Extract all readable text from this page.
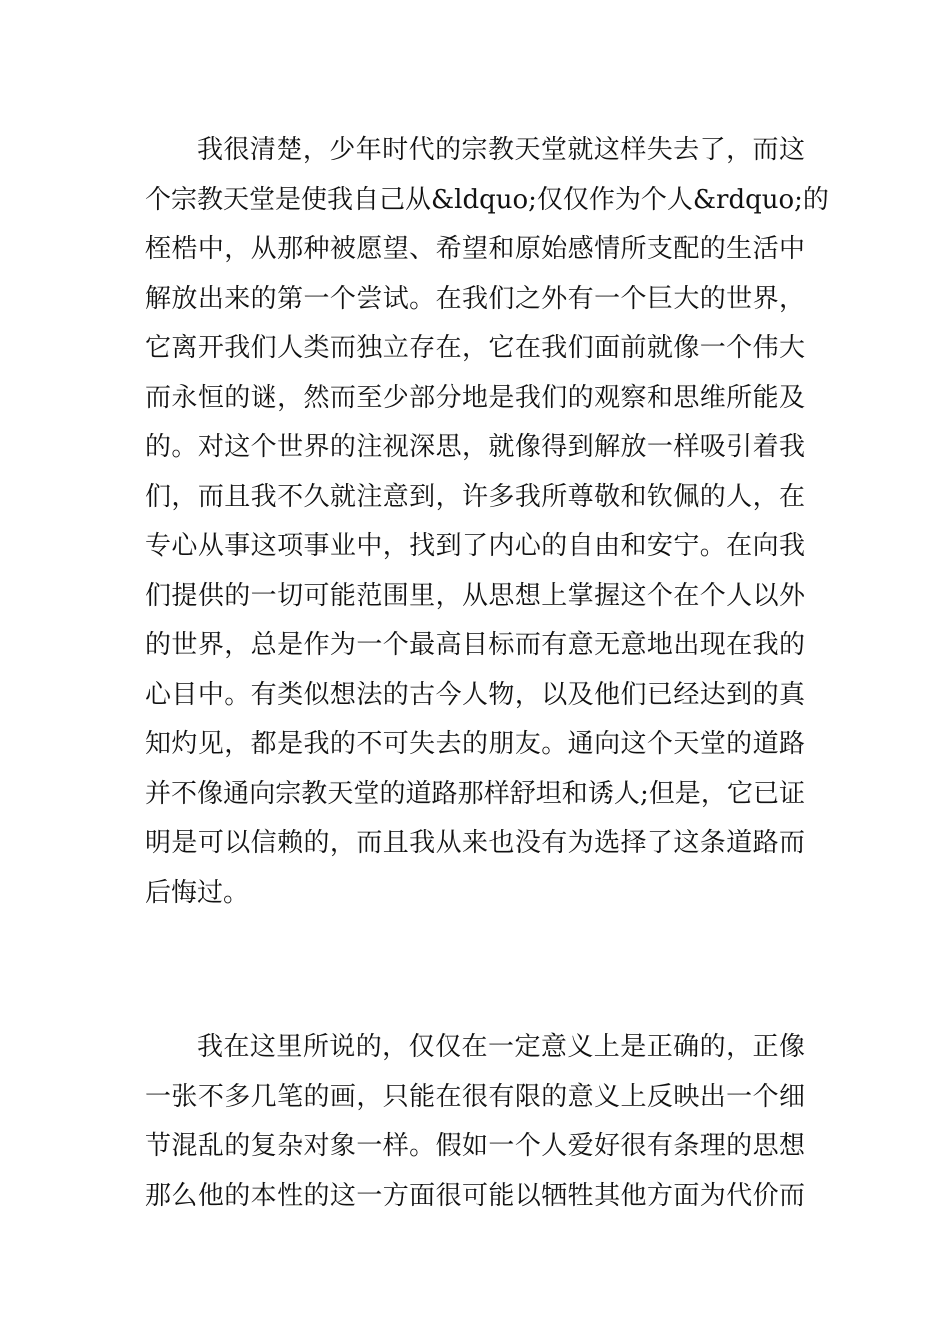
我很清楚，少年时代的宗教天堂就这样失去了，而这
个宗教天堂是使我自己从&ldquo;仅仅作为个人&rdquo;的
桎梏中，从那种被愿望、希望和原始感情所支配的生活中
解放出来的第一个尝试。在我们之外有一个巨大的世界，
它离开我们人类而独立存在，它在我们面前就像一个伟大
而永恒的谜，然而至少部分地是我们的观察和思维所能及
的。对这个世界的注视深思，就像得到解放一样吸引着我
们，而且我不久就注意到，许多我所尊敬和钦佩的人，在
专心从事这项事业中，找到了内心的自由和安宁。在向我
们提供的一切可能范围里，从思想上掌握这个在个人以外
的世界，总是作为一个最高目标而有意无意地出现在我的
心目中。有类似想法的古今人物，以及他们已经达到的真
知灼见，都是我的不可失去的朋友。通向这个天堂的道路
并不像通向宗教天堂的道路那样舒坦和诱人;但是，它已证
明是可以信赖的，而且我从来也没有为选择了这条道路而
后悔过。
我在这里所说的，仅仅在一定意义上是正确的，正像
一张不多几笔的画，只能在很有限的意义上反映出一个细
节混乱的复杂对象一样。假如一个人爱好很有条理的思想
那么他的本性的这一方面很可能以牺牲其他方面为代价而
